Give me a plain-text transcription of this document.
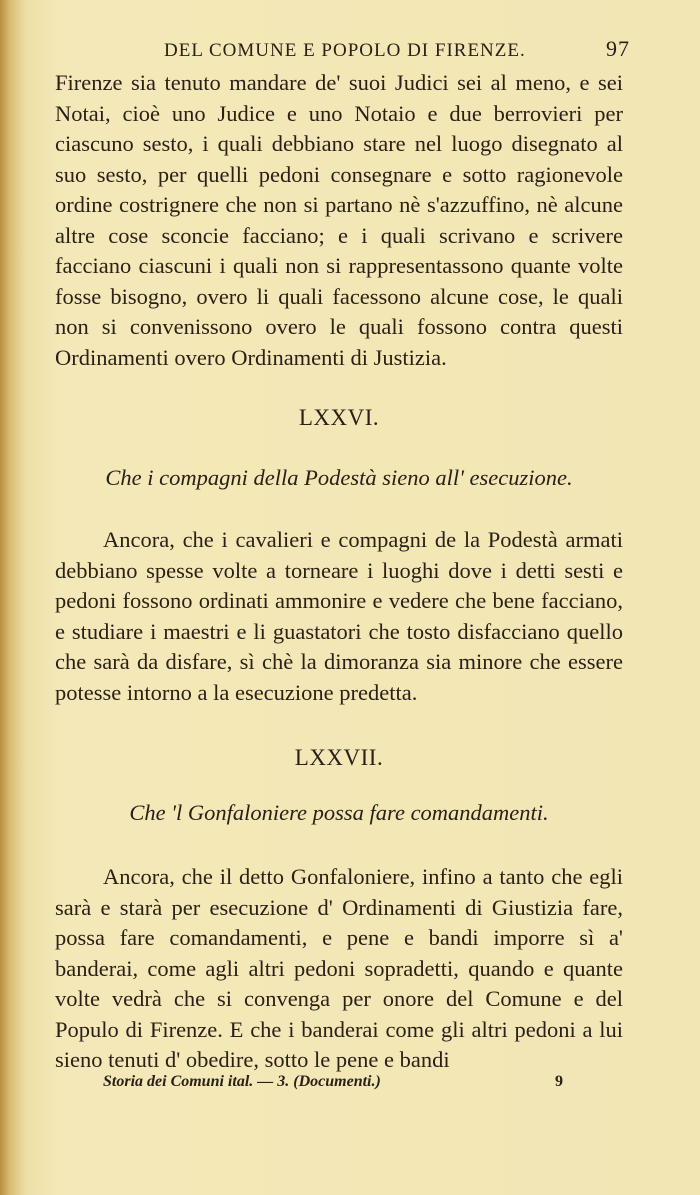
DEL COMUNE E POPOLO DI FIRENZE.	97

Firenze sia tenuto mandare de' suoi Judici sei al meno, e sei Notai, cioè uno Judice e uno Notaio e due berrovieri per ciascuno sesto, i quali debbiano stare nel luogo disegnato al suo sesto, per quelli pedoni consegnare e sotto ragionevole ordine costrignere che non si partano nè s'azzuffino, nè alcune altre cose sconcie facciano; e i quali scrivano e scrivere facciano ciascuni i quali non si rappresentassono quante volte fosse bisogno, overo li quali facessono alcune cose, le quali non si convenissono overo le quali fossono contra questi Ordinamenti overo Ordinamenti di Justizia.

LXXVI.
Che i compagni della Podestà sieno all' esecuzione.

Ancora, che i cavalieri e compagni de la Podestà armati debbiano spesse volte a torneare i luoghi dove i detti sesti e pedoni fossono ordinati ammonire e vedere che bene facciano, e studiare i maestri e li guastatori che tosto disfacciano quello che sarà da disfare, sì chè la dimoranza sia minore che essere potesse intorno a la esecuzione predetta.

LXXVII.
Che 'l Gonfaloniere possa fare comandamenti.

Ancora, che il detto Gonfaloniere, infino a tanto che egli sarà e starà per esecuzione d' Ordinamenti di Giustizia fare, possa fare comandamenti, e pene e bandi imporre sì a' banderai, come agli altri pedoni sopradetti, quando e quante volte vedrà che si convenga per onore del Comune e del Populo di Firenze. E che i banderai come gli altri pedoni a lui sieno tenuti d' obedire, sotto le pene e bandi

Storia dei Comuni ital. — 3. (Documenti.)	9
